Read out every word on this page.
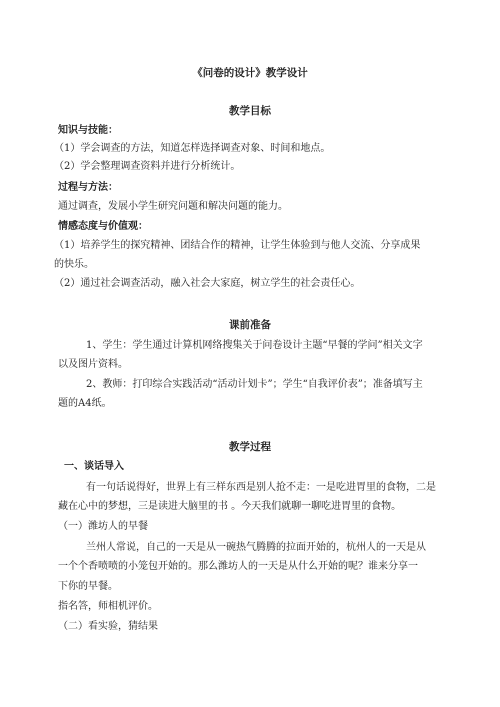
《问卷的设计》教学设计
教学目标
知识与技能：
（1）学会调查的方法，知道怎样选择调查对象、时间和地点。
（2）学会整理调查资料并进行分析统计。
过程与方法：
通过调查，发展小学生研究问题和解决问题的能力。
情感态度与价值观：
（1）培养学生的探究精神、团结合作的精神，让学生体验到与他人交流、分享成果
的快乐。
（2）通过社会调查活动，融入社会大家庭，树立学生的社会责任心。
课前准备
1、学生：学生通过计算机网络搜集关于问卷设计主题“早餐的学问”相关文字
以及图片资料。
2、教师：打印综合实践活动“活动计划卡”；学生“自我评价表”；准备填写主
题的A4纸。
教学过程
一、谈话导入
有一句话说得好，世界上有三样东西是别人抢不走：一是吃进胃里的食物，二是
藏在心中的梦想，三是读进大脑里的书 。今天我们就聊一聊吃进胃里的食物。
（一）潍坊人的早餐
兰州人常说，自己的一天是从一碗热气腾腾的拉面开始的，杭州人的一天是从
一个个香喷喷的小笼包开始的。那么潍坊人的一天是从什么开始的呢？谁来分享一
下你的早餐。
指名答，师相机评价。
（二）看实验，猜结果
